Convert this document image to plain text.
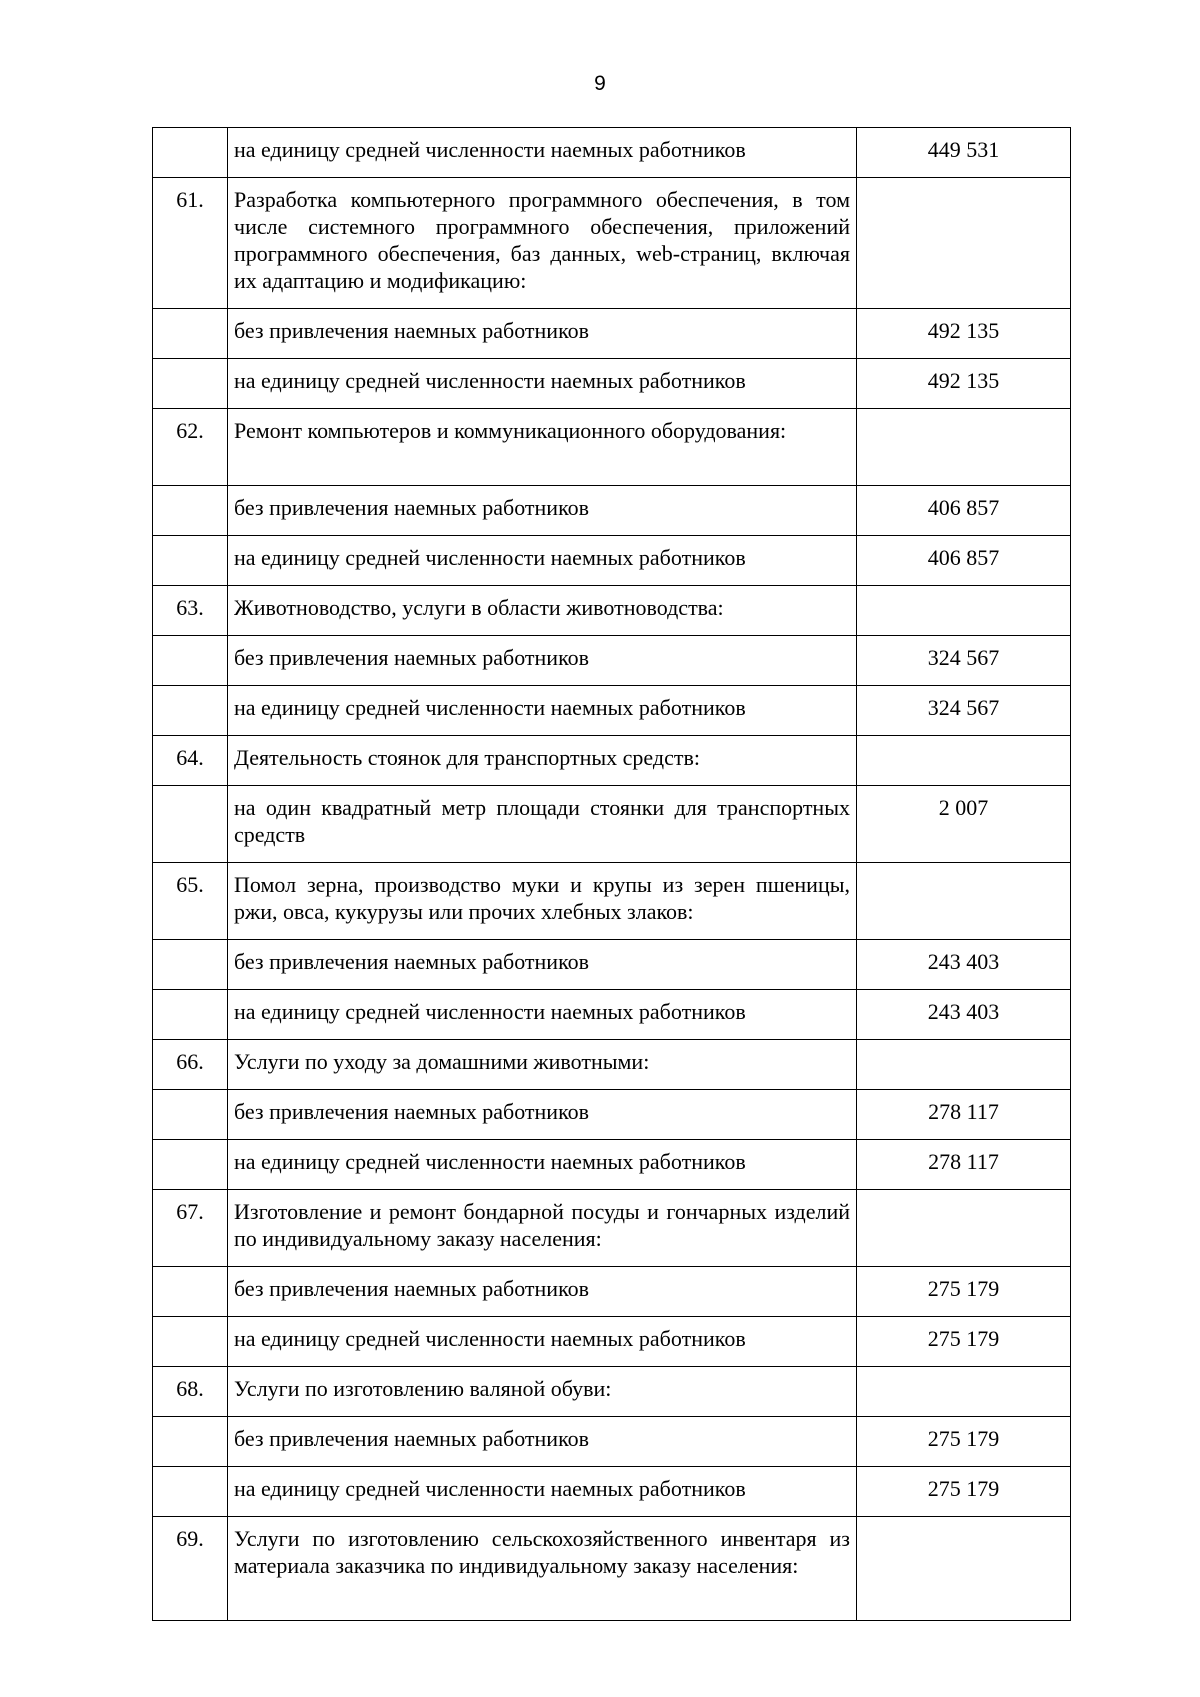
9
	на единицу средней численности наемных работников	449 531
61.	Разработка компьютерного программного обеспечения, в том числе системного программного обеспечения, приложений программного обеспечения, баз данных, web-страниц, включая их адаптацию и модификацию:	
	без привлечения наемных работников	492 135
	на единицу средней численности наемных работников	492 135
62.	Ремонт компьютеров и коммуникационного оборудования:	
	без привлечения наемных работников	406 857
	на единицу средней численности наемных работников	406 857
63.	Животноводство, услуги в области животноводства:	
	без привлечения наемных работников	324 567
	на единицу средней численности наемных работников	324 567
64.	Деятельность стоянок для транспортных средств:	
	на один квадратный метр площади стоянки для транспортных средств	2 007
65.	Помол зерна, производство муки и крупы из зерен пшеницы, ржи, овса, кукурузы или прочих хлебных злаков:	
	без привлечения наемных работников	243 403
	на единицу средней численности наемных работников	243 403
66.	Услуги по уходу за домашними животными:	
	без привлечения наемных работников	278 117
	на единицу средней численности наемных работников	278 117
67.	Изготовление и ремонт бондарной посуды и гончарных изделий по индивидуальному заказу населения:	
	без привлечения наемных работников	275 179
	на единицу средней численности наемных работников	275 179
68.	Услуги по изготовлению валяной обуви:	
	без привлечения наемных работников	275 179
	на единицу средней численности наемных работников	275 179
69.	Услуги по изготовлению сельскохозяйственного инвентаря из материала заказчика по индивидуальному заказу населения:	
